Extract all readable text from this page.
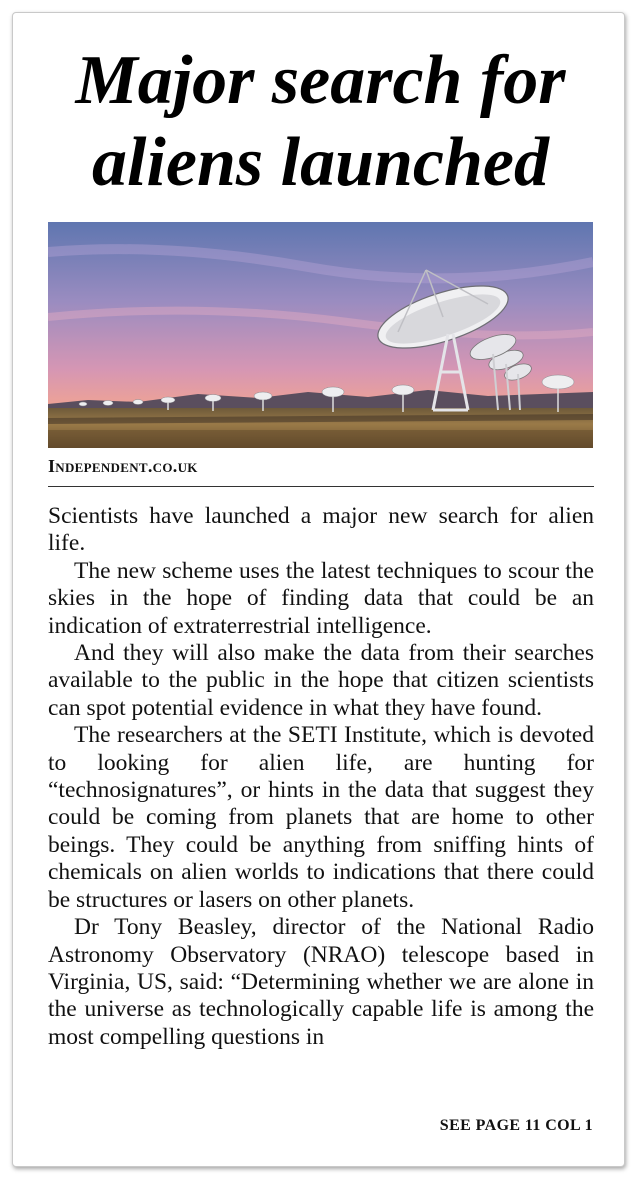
Major search for
aliens launched
Independent.co.uk

Scientists have launched a major new search for alien life.

The new scheme uses the latest techniques to scour the skies in the hope of finding data that could be an indication of extraterrestrial intelligence.

And they will also make the data from their searches available to the public in the hope that citizen scientists can spot potential evidence in what they have found.

The researchers at the SETI Institute, which is devoted to looking for alien life, are hunting for “technosignatures”, or hints in the data that suggest they could be coming from planets that are home to other beings. They could be anything from sniffing hints of chemicals on alien worlds to indications that there could be structures or lasers on other planets.

Dr Tony Beasley, director of the National Radio Astronomy Observatory (NRAO) telescope based in Virginia, US, said: “Determining whether we are alone in the universe as technologically capable life is among the most compelling questions in

SEE PAGE 11 COL 1
